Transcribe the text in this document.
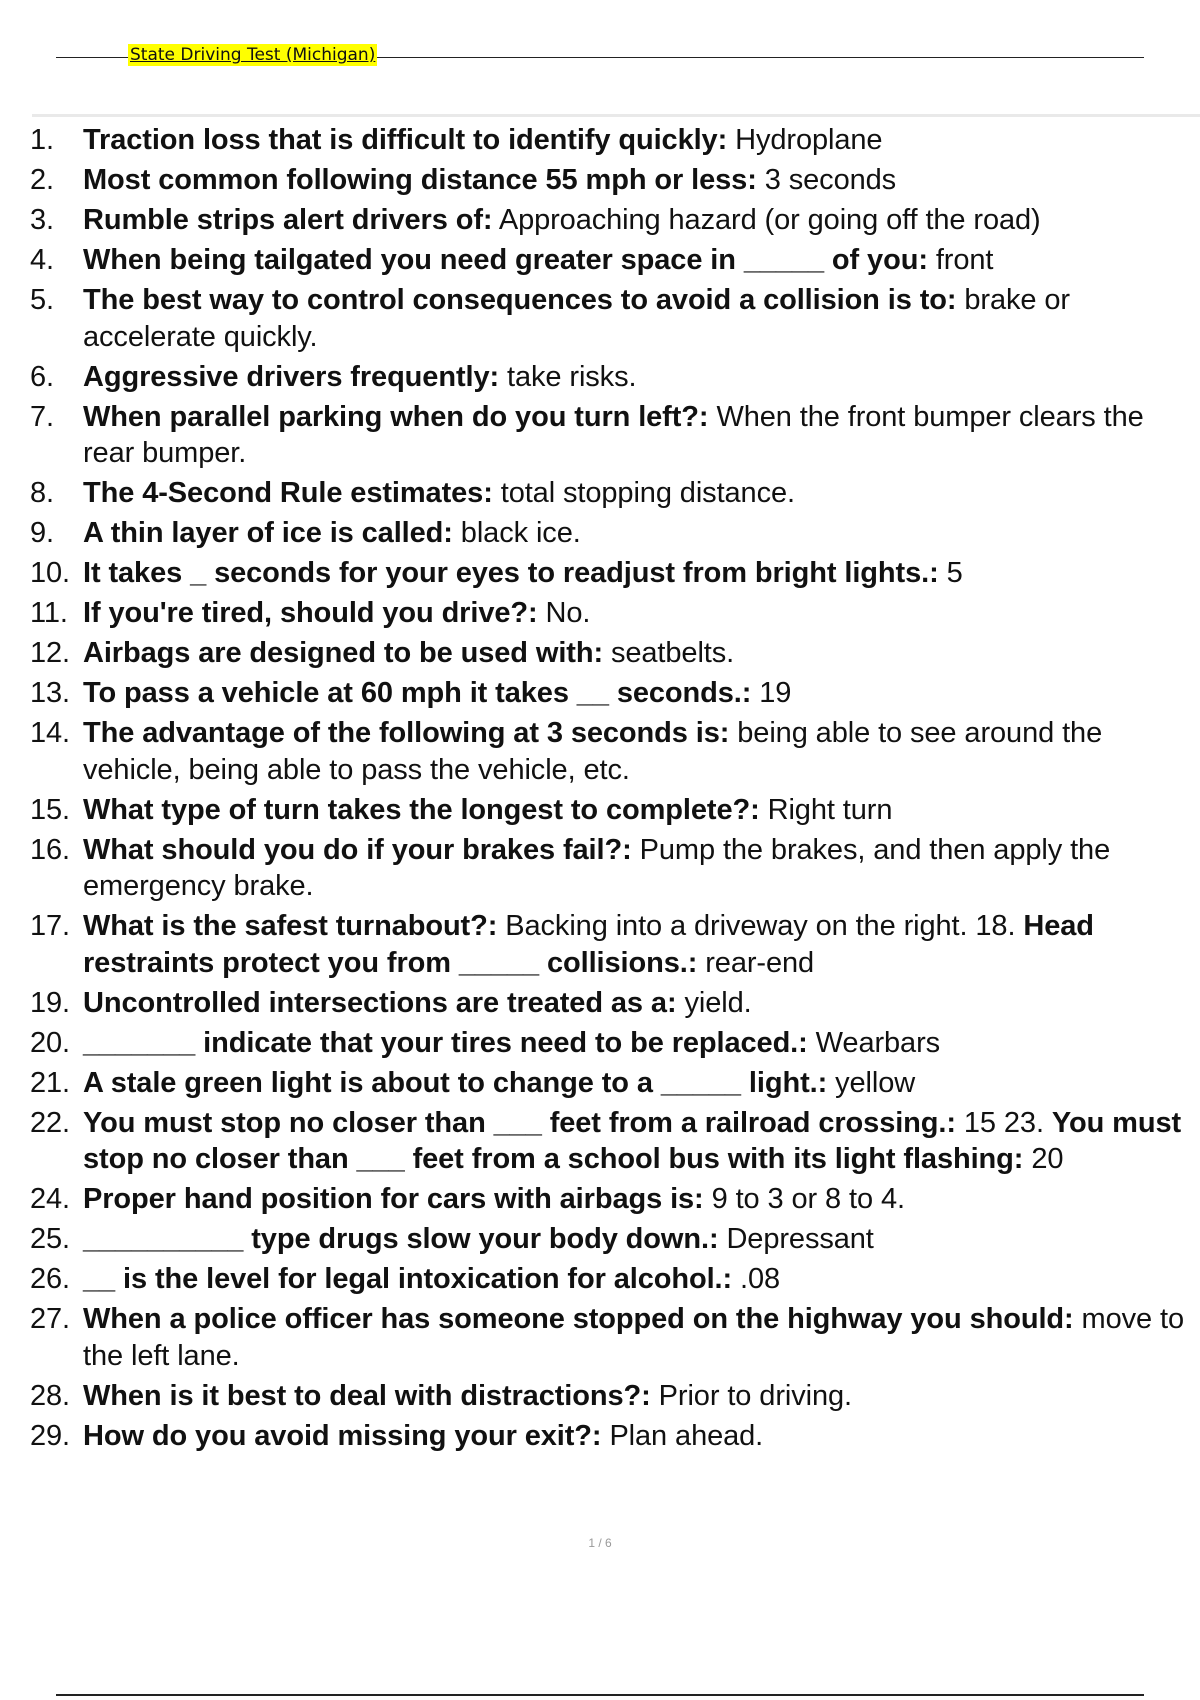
State Driving Test (Michigan)
1. Traction loss that is difficult to identify quickly: Hydroplane
2. Most common following distance 55 mph or less: 3 seconds
3. Rumble strips alert drivers of: Approaching hazard (or going off the road)
4. When being tailgated you need greater space in _____ of you: front
5. The best way to control consequences to avoid a collision is to: brake or accelerate quickly.
6. Aggressive drivers frequently: take risks.
7. When parallel parking when do you turn left?: When the front bumper clears the rear bumper.
8. The 4-Second Rule estimates: total stopping distance.
9. A thin layer of ice is called: black ice.
10. It takes _ seconds for your eyes to readjust from bright lights.: 5
11. If you're tired, should you drive?: No.
12. Airbags are designed to be used with: seatbelts.
13. To pass a vehicle at 60 mph it takes __ seconds.: 19
14. The advantage of the following at 3 seconds is: being able to see around the vehicle, being able to pass the vehicle, etc.
15. What type of turn takes the longest to complete?: Right turn
16. What should you do if your brakes fail?: Pump the brakes, and then apply the emergency brake.
17. What is the safest turnabout?: Backing into a driveway on the right. 18. Head restraints protect you from _____ collisions.: rear-end
19. Uncontrolled intersections are treated as a: yield.
20. _______ indicate that your tires need to be replaced.: Wearbars
21. A stale green light is about to change to a _____ light.: yellow
22. You must stop no closer than ___ feet from a railroad crossing.: 15 23. You must stop no closer than ___ feet from a school bus with its light flashing: 20
24. Proper hand position for cars with airbags is: 9 to 3 or 8 to 4.
25. __________ type drugs slow your body down.: Depressant
26. __ is the level for legal intoxication for alcohol.: .08
27. When a police officer has someone stopped on the highway you should: move to the left lane.
28. When is it best to deal with distractions?: Prior to driving.
29. How do you avoid missing your exit?: Plan ahead.
1 / 6
